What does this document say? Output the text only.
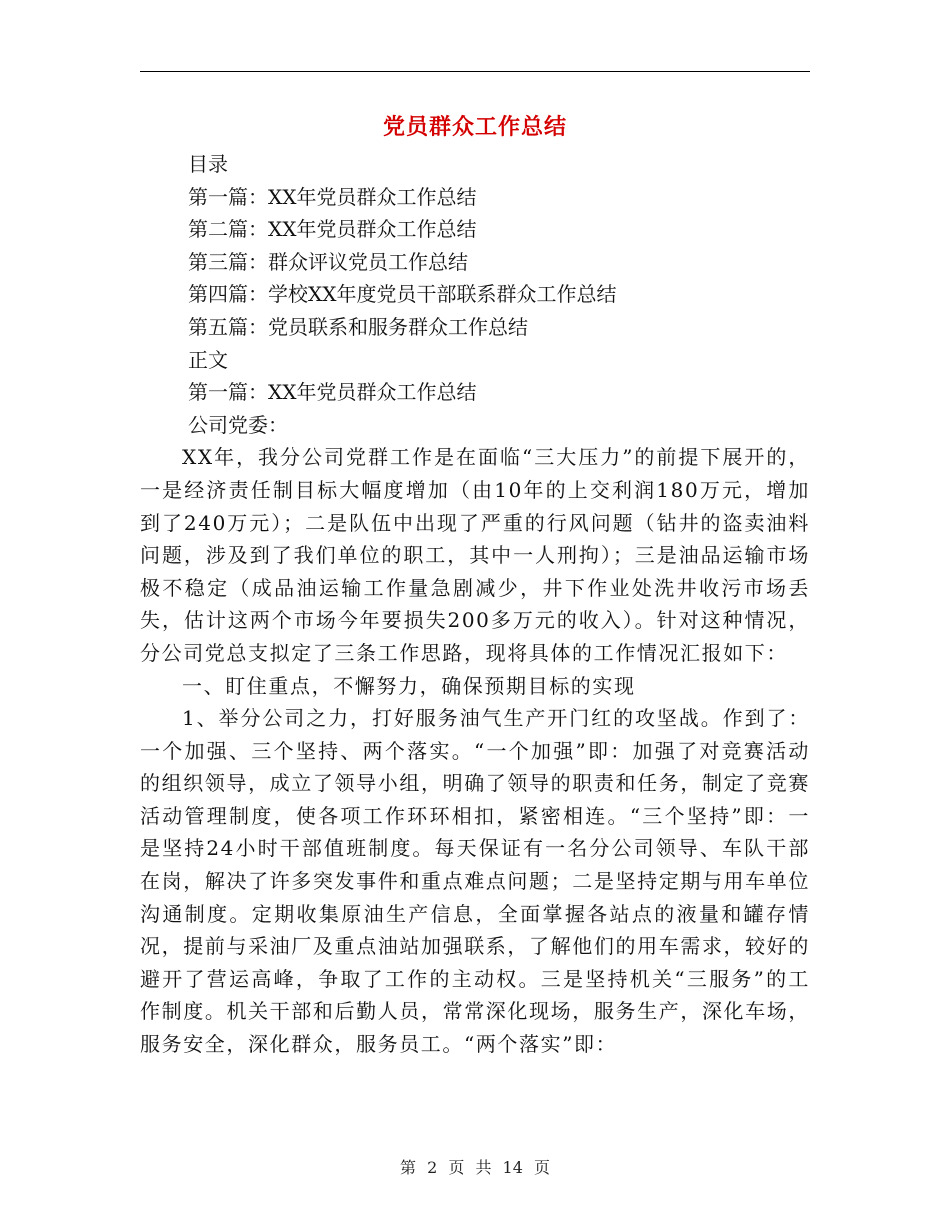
党员群众工作总结

目录

第一篇：XX年党员群众工作总结

第二篇：XX年党员群众工作总结

第三篇：群众评议党员工作总结

第四篇：学校XX年度党员干部联系群众工作总结

第五篇：党员联系和服务群众工作总结

正文

第一篇：XX年党员群众工作总结

公司党委：

XX年，我分公司党群工作是在面临“三大压力”的前提下展开的，一是经济责任制目标大幅度增加（由10年的上交利润180万元，增加到了240万元）；二是队伍中出现了严重的行风问题（钻井的盗卖油料问题，涉及到了我们单位的职工，其中一人刑拘）；三是油品运输市场极不稳定（成品油运输工作量急剧减少，井下作业处洗井收污市场丢失，估计这两个市场今年要损失200多万元的收入）。针对这种情况，分公司党总支拟定了三条工作思路，现将具体的工作情况汇报如下：

一、盯住重点，不懈努力，确保预期目标的实现

1、举分公司之力，打好服务油气生产开门红的攻坚战。作到了：一个加强、三个坚持、两个落实。“一个加强”即：加强了对竞赛活动的组织领导，成立了领导小组，明确了领导的职责和任务，制定了竞赛活动管理制度，使各项工作环环相扣，紧密相连。“三个坚持”即：一是坚持24小时干部值班制度。每天保证有一名分公司领导、车队干部在岗，解决了许多突发事件和重点难点问题；二是坚持定期与用车单位沟通制度。定期收集原油生产信息，全面掌握各站点的液量和罐存情况，提前与采油厂及重点油站加强联系，了解他们的用车需求，较好的避开了营运高峰，争取了工作的主动权。三是坚持机关“三服务”的工作制度。机关干部和后勤人员，常常深化现场，服务生产，深化车场，服务安全，深化群众，服务员工。“两个落实”即：

第 2 页 共 14 页
